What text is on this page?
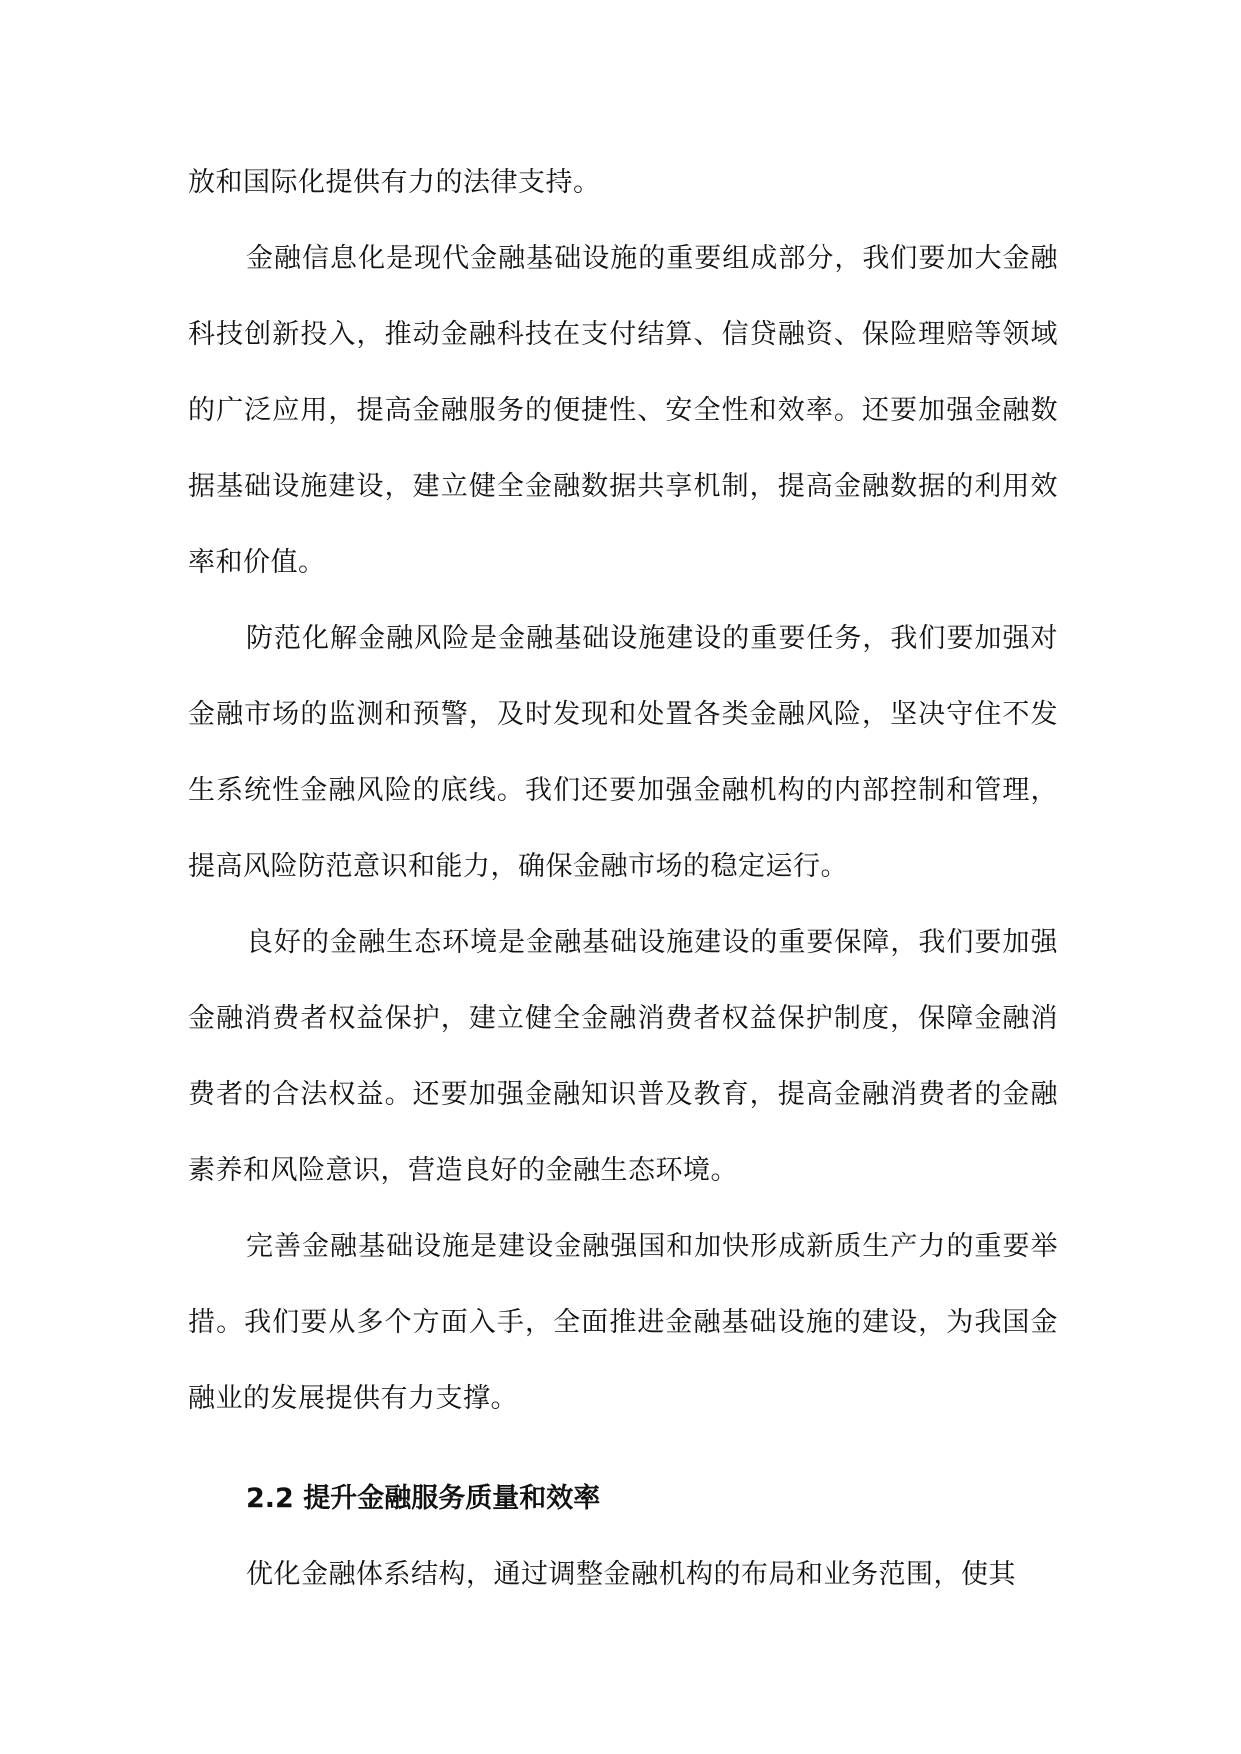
放和国际化提供有力的法律支持。

金融信息化是现代金融基础设施的重要组成部分，我们要加大金融科技创新投入，推动金融科技在支付结算、信贷融资、保险理赔等领域的广泛应用，提高金融服务的便捷性、安全性和效率。还要加强金融数据基础设施建设，建立健全金融数据共享机制，提高金融数据的利用效率和价值。

防范化解金融风险是金融基础设施建设的重要任务，我们要加强对金融市场的监测和预警，及时发现和处置各类金融风险，坚决守住不发生系统性金融风险的底线。我们还要加强金融机构的内部控制和管理，提高风险防范意识和能力，确保金融市场的稳定运行。

良好的金融生态环境是金融基础设施建设的重要保障，我们要加强金融消费者权益保护，建立健全金融消费者权益保护制度，保障金融消费者的合法权益。还要加强金融知识普及教育，提高金融消费者的金融素养和风险意识，营造良好的金融生态环境。

完善金融基础设施是建设金融强国和加快形成新质生产力的重要举措。我们要从多个方面入手，全面推进金融基础设施的建设，为我国金融业的发展提供有力支撑。

2.2 提升金融服务质量和效率

优化金融体系结构，通过调整金融机构的布局和业务范围，使其
